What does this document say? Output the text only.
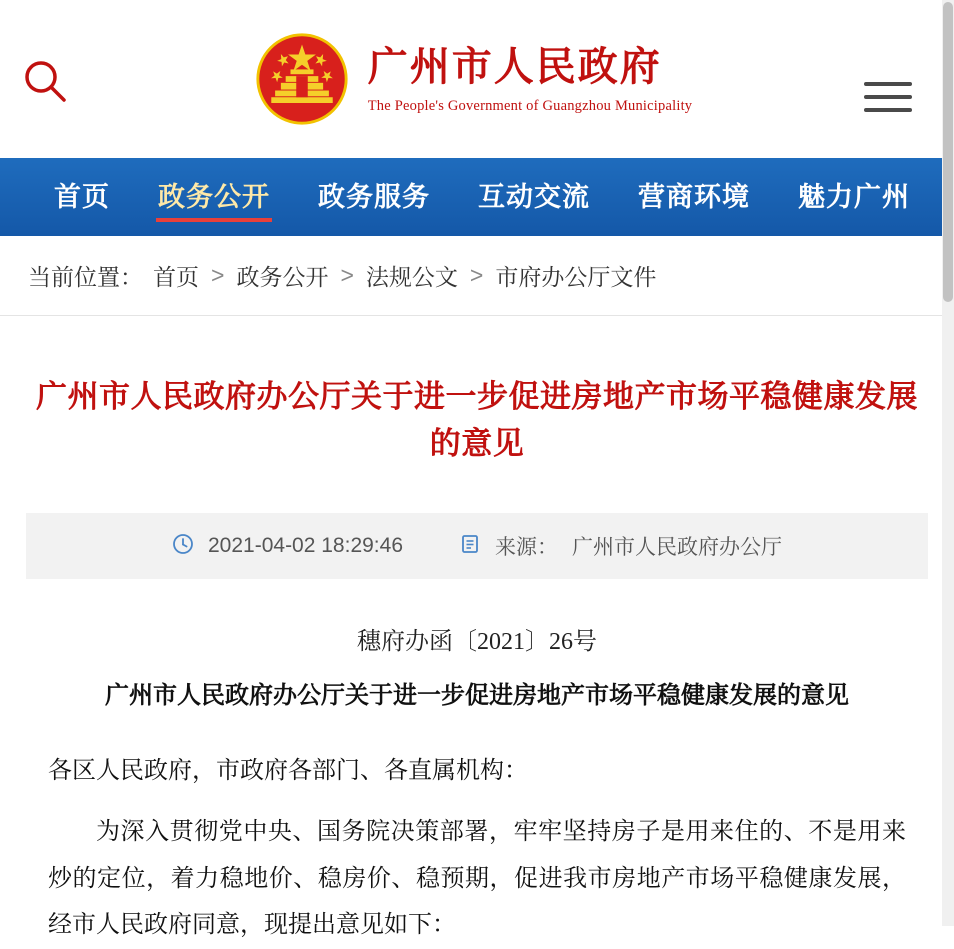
广州市人民政府
The People's Government of Guangzhou Municipality
首页	政务公开	政务服务	互动交流	营商环境	魅力广州
当前位置： 首页 > 政务公开 > 法规公文 > 市府办公厅文件
广州市人民政府办公厅关于进一步促进房地产市场平稳健康发展的意见
2021-04-02 18:29:46	来源： 广州市人民政府办公厅
穗府办函〔2021〕26号
广州市人民政府办公厅关于进一步促进房地产市场平稳健康发展的意见
各区人民政府，市政府各部门、各直属机构：
为深入贯彻党中央、国务院决策部署，牢牢坚持房子是用来住的、不是用来炒的定位，着力稳地价、稳房价、稳预期，促进我市房地产市场平稳健康发展，经市人民政府同意，现提出意见如下：
